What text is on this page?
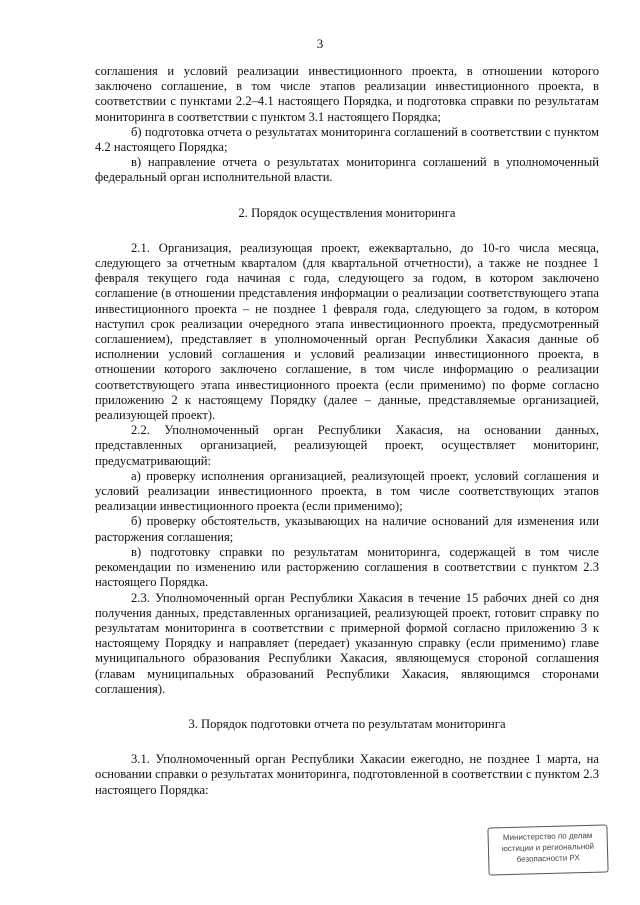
3

соглашения и условий реализации инвестиционного проекта, в отношении которого заключено соглашение, в том числе этапов реализации инвестиционного проекта, в соответствии с пунктами 2.2–4.1 настоящего Порядка, и подготовка справки по результатам мониторинга в соответствии с пунктом 3.1 настоящего Порядка;

б) подготовка отчета о результатах мониторинга соглашений в соответствии с пунктом 4.2 настоящего Порядка;

в) направление отчета о результатах мониторинга соглашений в уполномоченный федеральный орган исполнительной власти.

2. Порядок осуществления мониторинга

2.1. Организация, реализующая проект, ежеквартально, до 10-го числа месяца, следующего за отчетным кварталом (для квартальной отчетности), а также не позднее 1 февраля текущего года начиная с года, следующего за годом, в котором заключено соглашение (в отношении представления информации о реализации соответствующего этапа инвестиционного проекта – не позднее 1 февраля года, следующего за годом, в котором наступил срок реализации очередного этапа инвестиционного проекта, предусмотренный соглашением), представляет в уполномоченный орган Республики Хакасия данные об исполнении условий соглашения и условий реализации инвестиционного проекта, в отношении которого заключено соглашение, в том числе информацию о реализации соответствующего этапа инвестиционного проекта (если применимо) по форме согласно приложению 2 к настоящему Порядку (далее – данные, представляемые организацией, реализующей проект).

2.2. Уполномоченный орган Республики Хакасия, на основании данных, представленных организацией, реализующей проект, осуществляет мониторинг, предусматривающий:

а) проверку исполнения организацией, реализующей проект, условий соглашения и условий реализации инвестиционного проекта, в том числе соответствующих этапов реализации инвестиционного проекта (если применимо);

б) проверку обстоятельств, указывающих на наличие оснований для изменения или расторжения соглашения;

в) подготовку справки по результатам мониторинга, содержащей в том числе рекомендации по изменению или расторжению соглашения в соответствии с пунктом 2.3 настоящего Порядка.

2.3. Уполномоченный орган Республики Хакасия в течение 15 рабочих дней со дня получения данных, представленных организацией, реализующей проект, готовит справку по результатам мониторинга в соответствии с примерной формой согласно приложению 3 к настоящему Порядку и направляет (передает) указанную справку (если применимо) главе муниципального образования Республики Хакасия, являющемуся стороной соглашения (главам муниципальных образований Республики Хакасия, являющимся сторонами соглашения).

3. Порядок подготовки отчета по результатам мониторинга

3.1. Уполномоченный орган Республики Хакасии ежегодно, не позднее 1 марта, на основании справки о результатах мониторинга, подготовленной в соответствии с пунктом 2.3 настоящего Порядка:

Министерство по делам
юстиции и региональной
безопасности РХ
